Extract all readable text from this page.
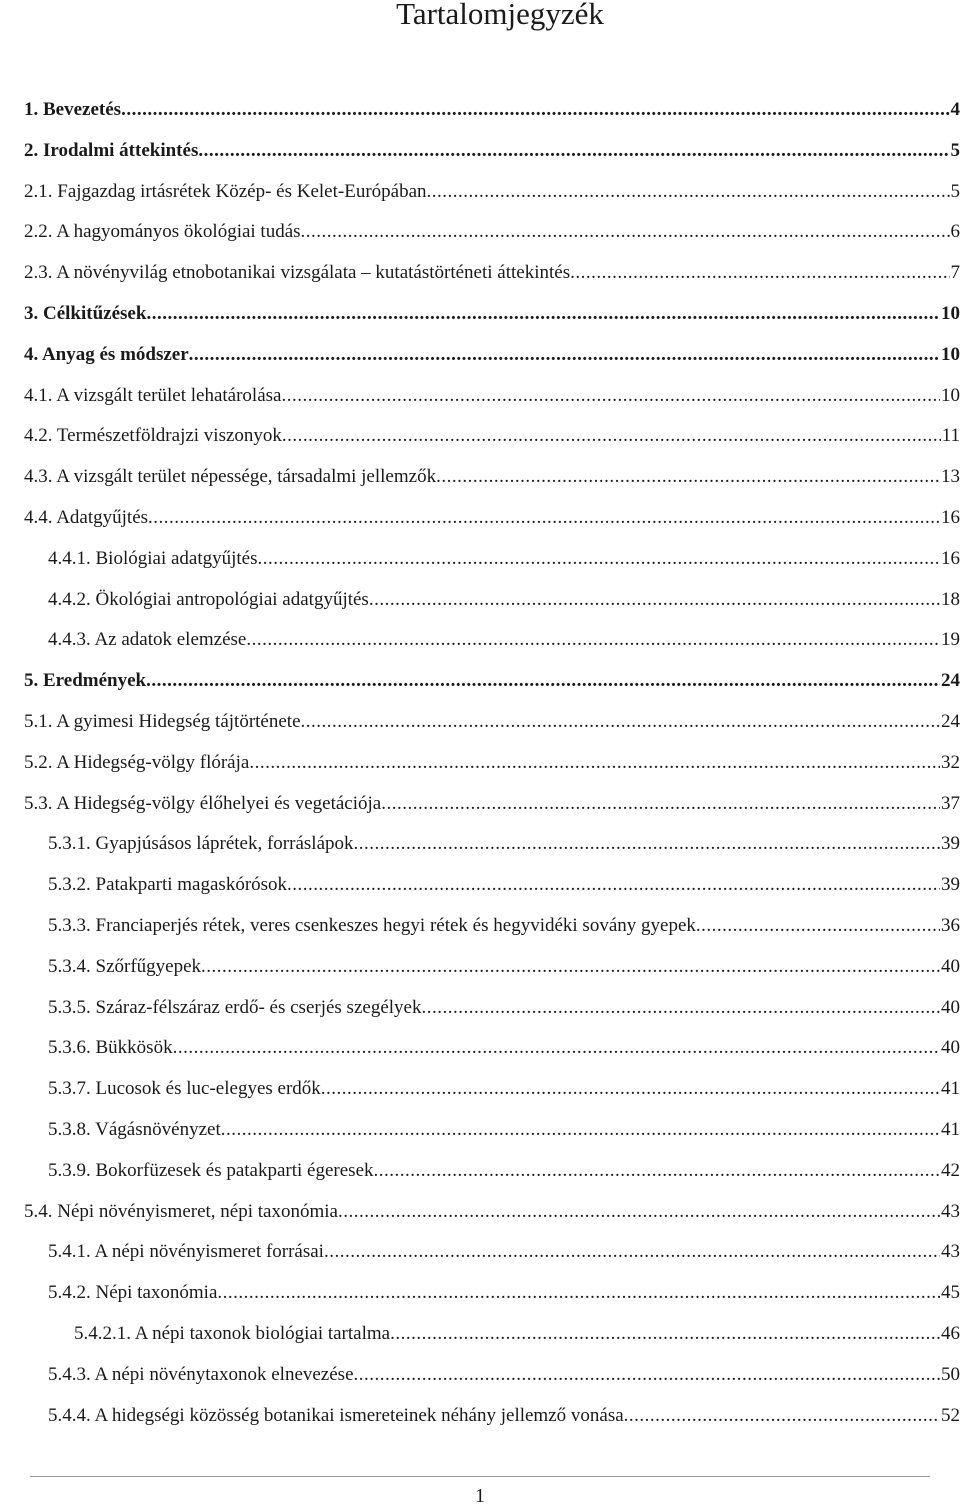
Tartalomjegyzék
1. Bevezetés .....	4
2. Irodalmi áttekintés .....	5
2.1. Fajgazdag irtásrétek Közép- és Kelet-Európában .....	5
2.2. A hagyományos ökológiai tudás .....	6
2.3. A növényvilág etnobotanikai vizsgálata – kutatástörténeti áttekintés .....	7
3. Célkitűzések .....	10
4. Anyag és módszer .....	10
4.1. A vizsgált terület lehatárolása .....	10
4.2. Természetföldrajzi viszonyok .....	11
4.3. A vizsgált terület népessége, társadalmi jellemzők .....	13
4.4. Adatgyűjtés .....	16
4.4.1. Biológiai adatgyűjtés .....	16
4.4.2. Ökológiai antropológiai adatgyűjtés .....	18
4.4.3. Az adatok elemzése .....	19
5. Eredmények .....	24
5.1. A gyimesi Hidegség tájtörténete .....	24
5.2. A Hidegség-völgy flórája .....	32
5.3. A Hidegség-völgy élőhelyei és vegetációja .....	37
5.3.1. Gyapjúsásos láprétek, forráslápok .....	39
5.3.2. Patakparti magaskórósok .....	39
5.3.3. Franciaperjés rétek, veres csenkeszes hegyi rétek és hegyvidéki sovány gyepek .....	36
5.3.4. Szőrfűgyepek .....	40
5.3.5. Száraz-félszáraz erdő- és cserjés szegélyek .....	40
5.3.6. Bükkösök .....	40
5.3.7. Lucosok és luc-elegyes erdők .....	41
5.3.8. Vágásnövényzet .....	41
5.3.9. Bokorfüzesek és patakparti égeresek .....	42
5.4. Népi növényismeret, népi taxonómia .....	43
5.4.1. A népi növényismeret forrásai .....	43
5.4.2. Népi taxonómia .....	45
5.4.2.1. A népi taxonok biológiai tartalma .....	46
5.4.3. A népi növénytaxonok elnevezése .....	50
5.4.4. A hidegségi közösség botanikai ismereteinek néhány jellemző vonása .....	52
1
